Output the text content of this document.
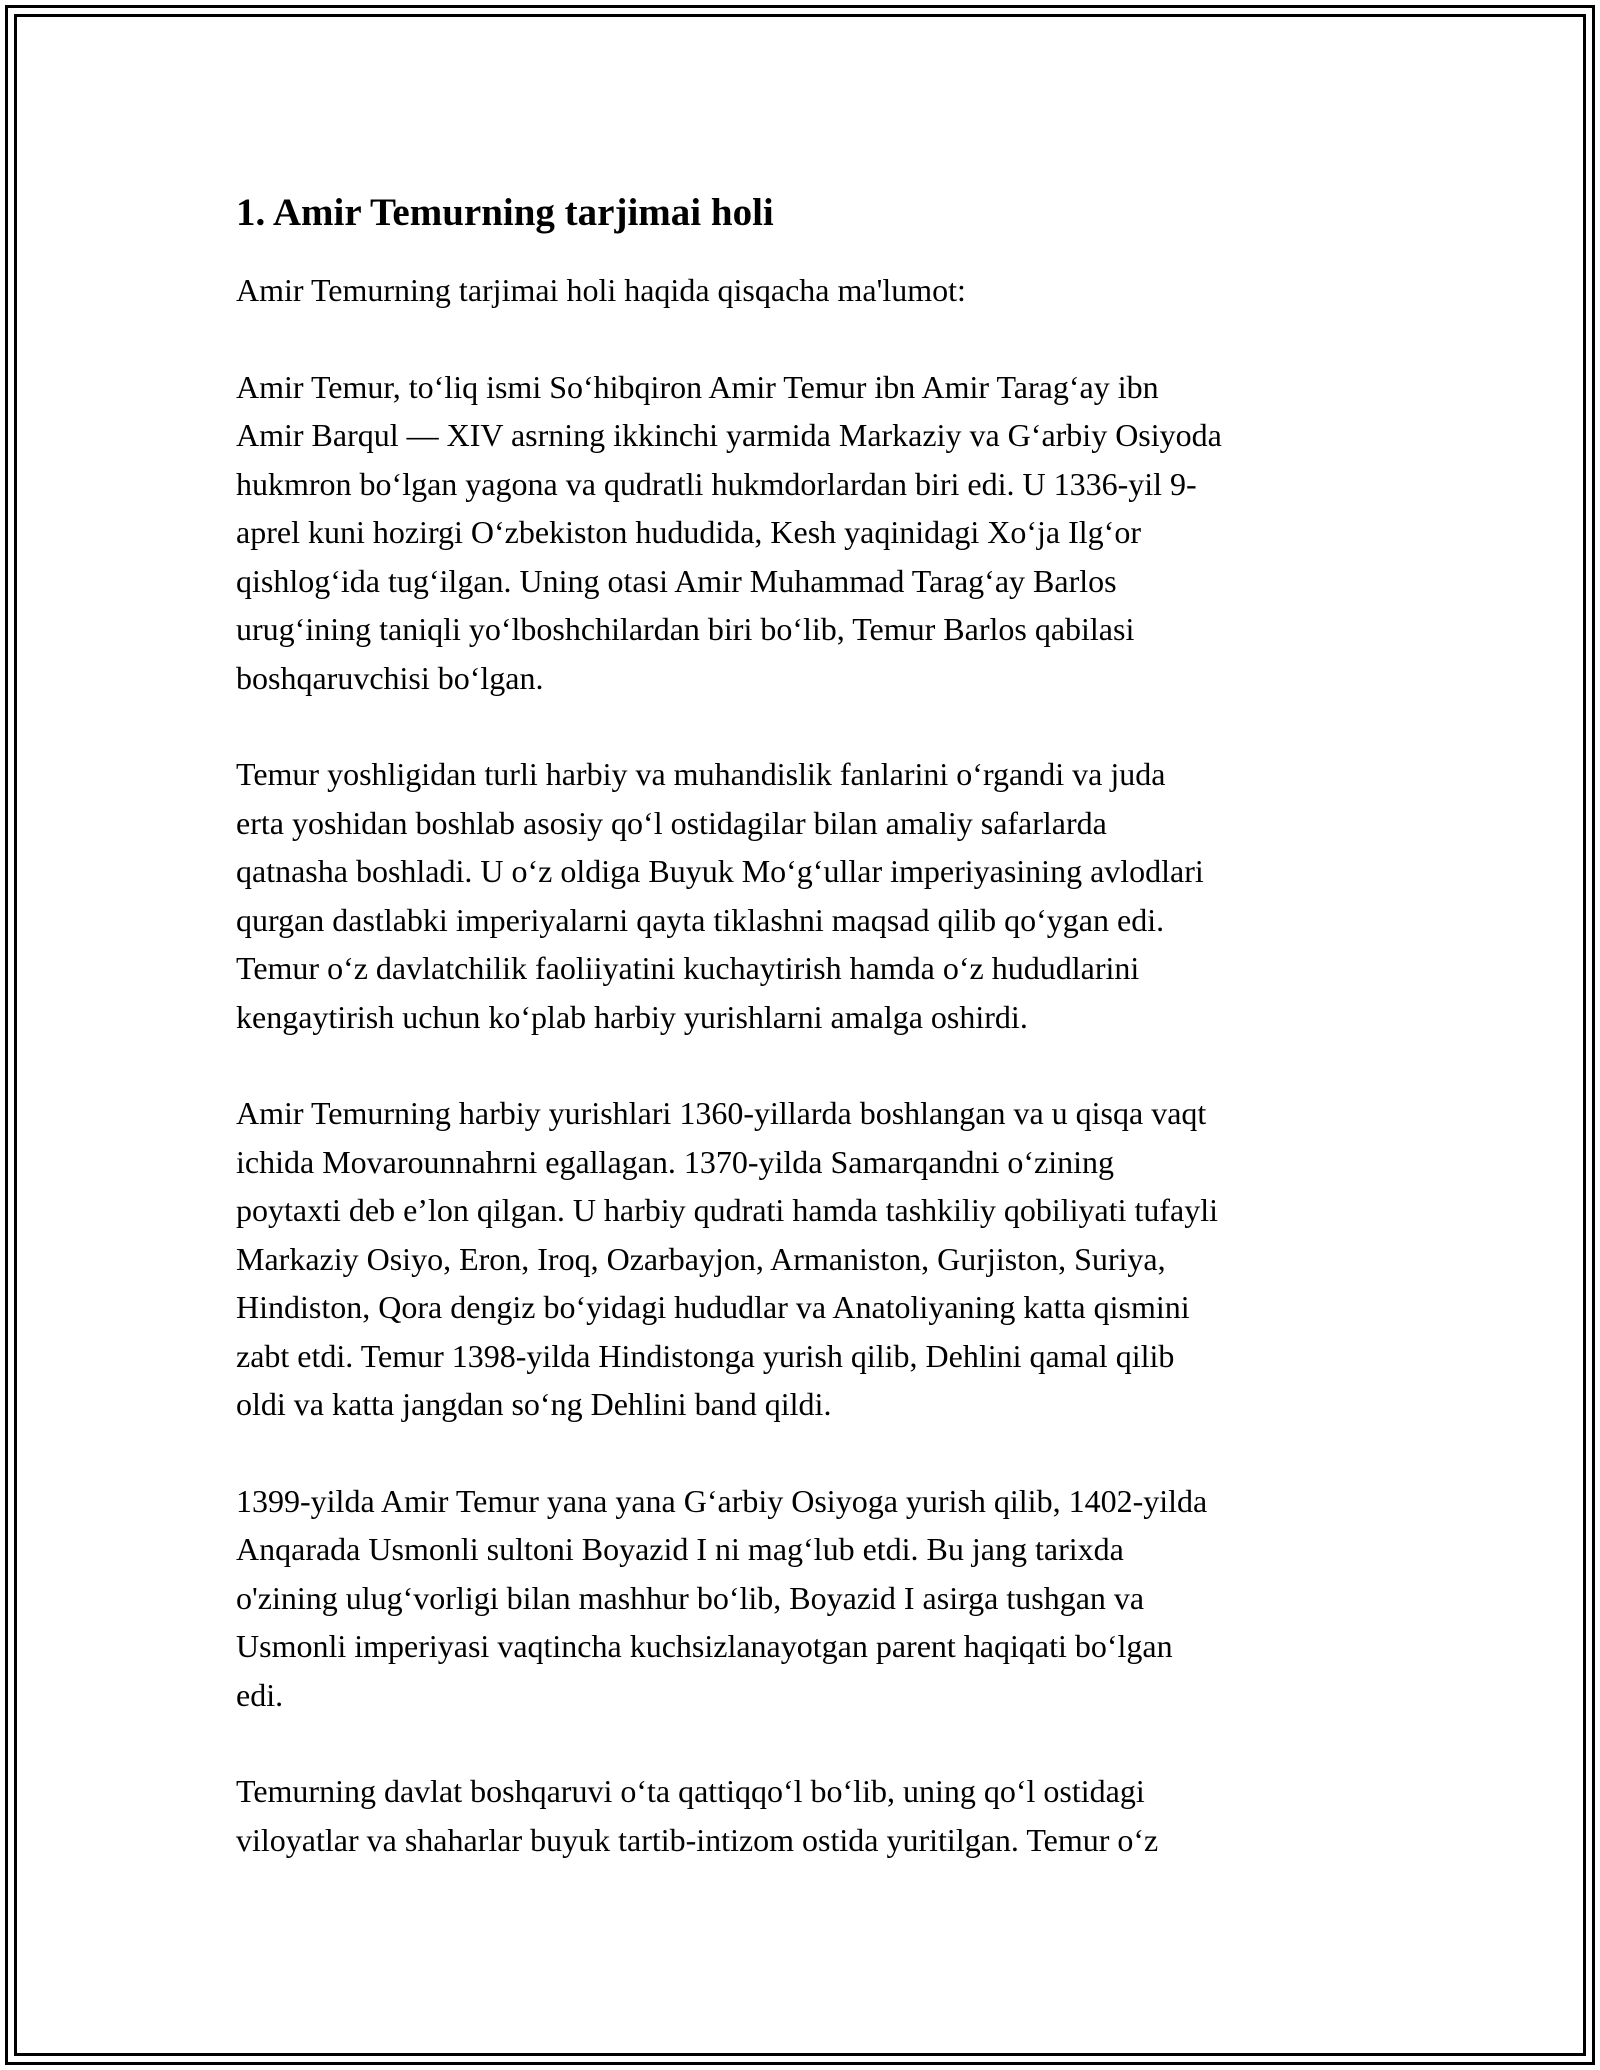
1. Amir Temurning tarjimai holi

Amir Temurning tarjimai holi haqida qisqacha ma'lumot:

Amir Temur, to‘liq ismi So‘hibqiron Amir Temur ibn Amir Tarag‘ay ibn
Amir Barqul — XIV asrning ikkinchi yarmida Markaziy va G‘arbiy Osiyoda
hukmron bo‘lgan yagona va qudratli hukmdorlardan biri edi. U 1336-yil 9-
aprel kuni hozirgi O‘zbekiston hududida, Kesh yaqinidagi Xo‘ja Ilg‘or
qishlog‘ida tug‘ilgan. Uning otasi Amir Muhammad Tarag‘ay Barlos
urug‘ining taniqli yo‘lboshchilardan biri bo‘lib, Temur Barlos qabilasi
boshqaruvchisi bo‘lgan.

Temur yoshligidan turli harbiy va muhandislik fanlarini o‘rgandi va juda
erta yoshidan boshlab asosiy qo‘l ostidagilar bilan amaliy safarlarda
qatnasha boshladi. U o‘z oldiga Buyuk Mo‘g‘ullar imperiyasining avlodlari
qurgan dastlabki imperiyalarni qayta tiklashni maqsad qilib qo‘ygan edi.
Temur o‘z davlatchilik faoliiyatini kuchaytirish hamda o‘z hududlarini
kengaytirish uchun ko‘plab harbiy yurishlarni amalga oshirdi.

Amir Temurning harbiy yurishlari 1360-yillarda boshlangan va u qisqa vaqt
ichida Movarounnahrni egallagan. 1370-yilda Samarqandni o‘zining
poytaxti deb e’lon qilgan. U harbiy qudrati hamda tashkiliy qobiliyati tufayli
Markaziy Osiyo, Eron, Iroq, Ozarbayjon, Armaniston, Gurjiston, Suriya,
Hindiston, Qora dengiz bo‘yidagi hududlar va Anatoliyaning katta qismini
zabt etdi. Temur 1398-yilda Hindistonga yurish qilib, Dehlini qamal qilib
oldi va katta jangdan so‘ng Dehlini band qildi.

1399-yilda Amir Temur yana yana G‘arbiy Osiyoga yurish qilib, 1402-yilda
Anqarada Usmonli sultoni Boyazid I ni mag‘lub etdi. Bu jang tarixda
o'zining ulug‘vorligi bilan mashhur bo‘lib, Boyazid I asirga tushgan va
Usmonli imperiyasi vaqtincha kuchsizlanayotgan parent haqiqati bo‘lgan
edi.

Temurning davlat boshqaruvi o‘ta qattiqqo‘l bo‘lib, uning qo‘l ostidagi
viloyatlar va shaharlar buyuk tartib-intizom ostida yuritilgan. Temur o‘z
